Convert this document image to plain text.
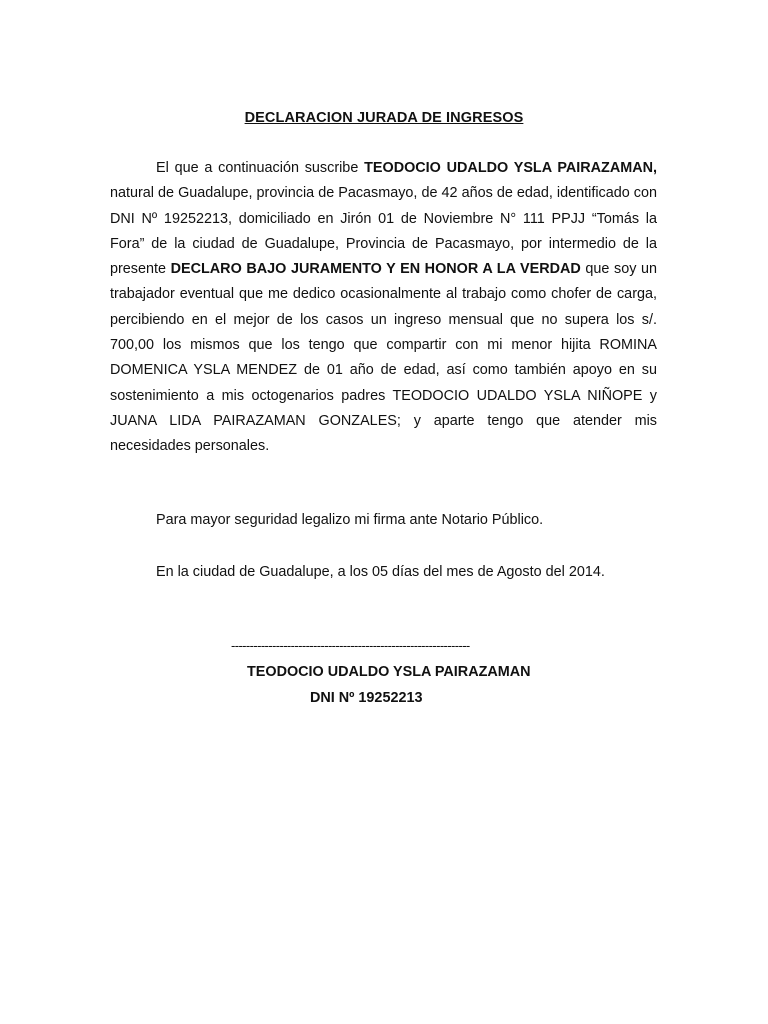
DECLARACION JURADA DE INGRESOS

El que a continuación suscribe TEODOCIO UDALDO YSLA PAIRAZAMAN, natural de Guadalupe, provincia de Pacasmayo, de 42 años de edad, identificado con DNI Nº 19252213, domiciliado en Jirón 01 de Noviembre N° 111 PPJJ “Tomás la Fora” de la ciudad de Guadalupe, Provincia de Pacasmayo, por intermedio de la presente DECLARO BAJO JURAMENTO Y EN HONOR A LA VERDAD que soy un trabajador eventual que me dedico ocasionalmente al trabajo como chofer de carga, percibiendo en el mejor de los casos un ingreso mensual que no supera los s/. 700,00 los mismos que los tengo que compartir con mi menor hijita ROMINA DOMENICA YSLA MENDEZ de 01 año de edad, así como también apoyo en su sostenimiento a mis octogenarios padres TEODOCIO UDALDO YSLA NIÑOPE y JUANA LIDA PAIRAZAMAN GONZALES; y aparte tengo que atender mis necesidades personales.

Para mayor seguridad legalizo mi firma ante Notario Público.

En la ciudad de Guadalupe, a los 05 días del mes de Agosto del 2014.

----------------------------------------------------------------
TEODOCIO UDALDO YSLA PAIRAZAMAN
DNI Nº 19252213
